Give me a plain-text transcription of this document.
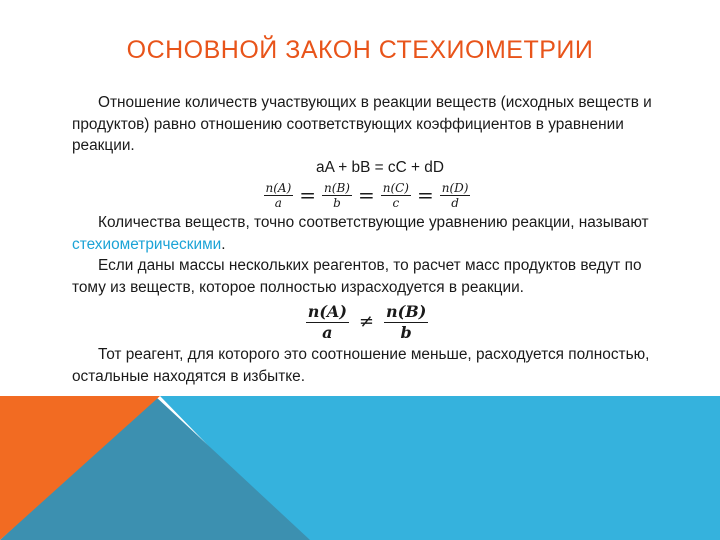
ОСНОВНОЙ ЗАКОН СТЕХИОМЕТРИИ

Отношение количеств участвующих в реакции веществ (исходных веществ и продуктов) равно отношению соответствующих коэффициентов в уравнении реакции.

aA + bB = cC + dD

$\frac{n(A)}{a} = \frac{n(B)}{b} = \frac{n(C)}{c} = \frac{n(D)}{d}$

Количества веществ, точно соответствующие уравнению реакции, называют стехиометрическими.

Если даны массы нескольких реагентов, то расчет масс продуктов ведут по тому из веществ, которое полностью израсходуется в реакции.

$\frac{n(A)}{a} \ne \frac{n(B)}{b}$

Тот реагент, для которого это соотношение меньше, расходуется полностью, остальные находятся в избытке.
